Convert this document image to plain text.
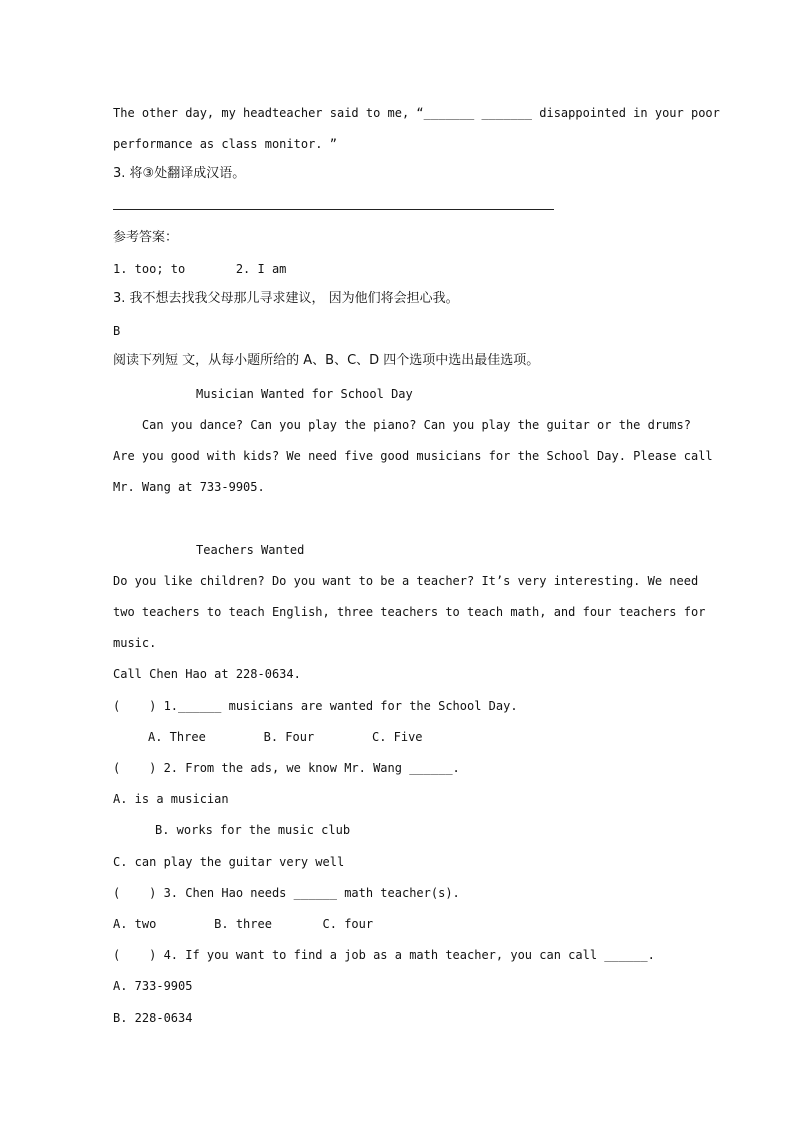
The other day, my headteacher said to me, “_______ _______ disappointed in your poor
performance as class monitor. ”
3. 将③处翻译成汉语。
参考答案：
1. too; to       2. I am
3. 我不想去找我父母那儿寻求建议， 因为他们将会担心我。
B
阅读下列短 文，从每小题所给的 A、B、C、D 四个选项中选出最佳选项。
Musician Wanted for School Day
Can you dance? Can you play the piano? Can you play the guitar or the drums?
Are you good with kids? We need five good musicians for the School Day. Please call
Mr. Wang at 733-9905.
Teachers Wanted
Do you like children? Do you want to be a teacher? It’s very interesting. We need
two teachers to teach English, three teachers to teach math, and four teachers for
music.
Call Chen Hao at 228-0634.
(    ) 1.______ musicians are wanted for the School Day.
A. Three        B. Four        C. Five
(    ) 2. From the ads, we know Mr. Wang ______.
A. is a musician
B. works for the music club
C. can play the guitar very well
(    ) 3. Chen Hao needs ______ math teacher(s).
A. two        B. three       C. four
(    ) 4. If you want to find a job as a math teacher, you can call ______.
A. 733-9905
B. 228-0634
